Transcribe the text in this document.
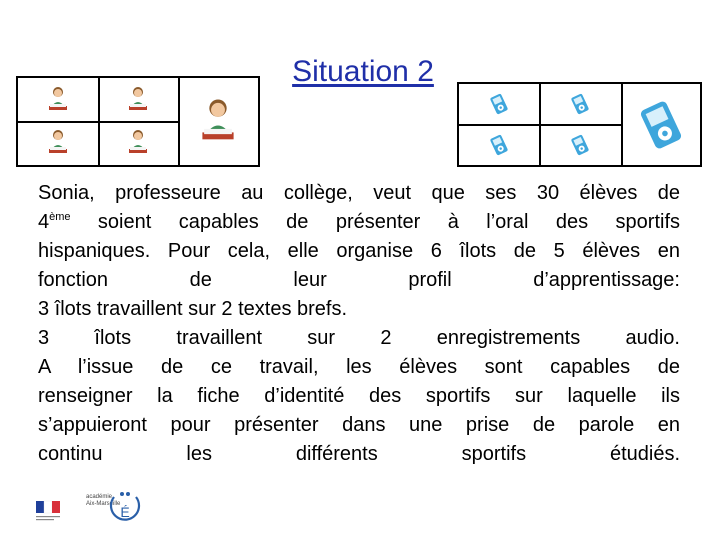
Situation 2
Sonia, professeure au collège, veut que ses 30 élèves de
4ème soient capables de présenter à l’oral des sportifs
hispaniques. Pour cela, elle organise 6 îlots de 5 élèves en
fonction de leur profil d’apprentissage:
3 îlots travaillent sur 2 textes brefs.
3 îlots travaillent sur 2 enregistrements audio.
A l’issue de ce travail, les élèves sont capables de
renseigner la fiche d’identité des sportifs sur laquelle ils
s’appuieront pour présenter dans une prise de parole en
continu les différents sportifs étudiés.
académie
Aix-Marseille É
